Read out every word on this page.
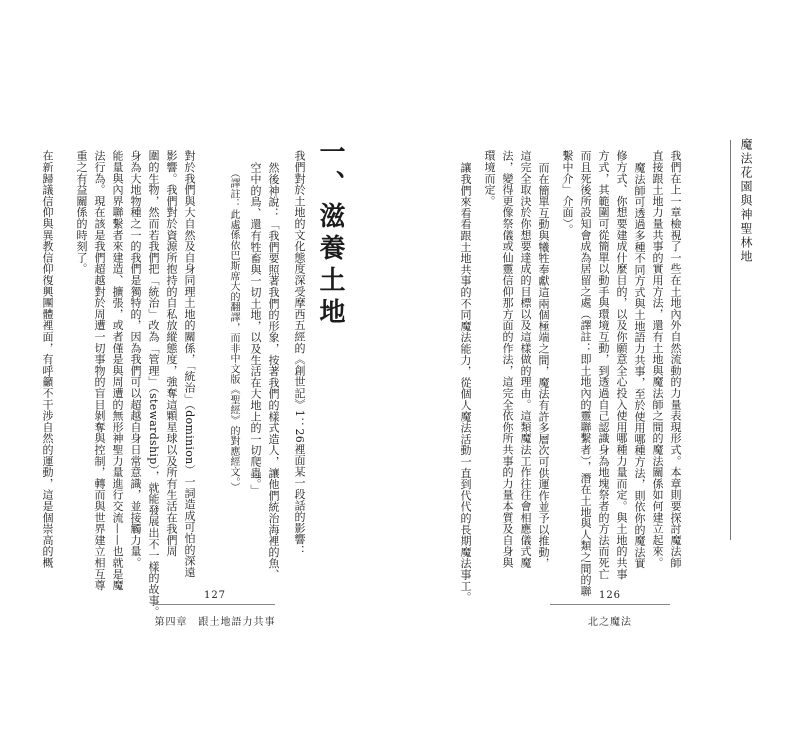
我們對於土地的文化態度深受摩西五經的《創世記》1：26裡面某一段話的影響：
然後神說：「我們要照著我們的形象，按著我們的樣式造人，讓他們統治海裡的魚、
空中的鳥、還有牲畜與一切土地，以及生活在大地上的一切爬蟲。」
（譯註：此處係依巴斯席大的翻譯，而非中文版《聖經》的對應經文。）
對於我們與大自然及自身同理土地的關係，「統治」（dominion）一詞造成可怕的深遠
影響。我們對於資源所抱持的自私放縱態度，強奪這顆星球以及所有生活在我們周
圍的生物，然而若我們把「統治」改為「管理」（stewardship），就能發展出不一樣的故事。
身為大地物種之一的我們是獨特的，因為我們可以超越自身日常意識，並接觸力量。
能量與內界聯繫者來建造、擴張，或者僅是與周遭的無形神聖力量進行交流——也就是魔
法行為。現在該是我們超越對於周遭一切事物的盲目剝奪與控制，轉而與世界建立相互尊
重之有益關係的時刻了。
在新歸議信仰與異教信仰復興團體裡面，有呼籲不干涉自然的運動，這是個崇高的概	一、滋養土地
127
第四章　跟土地語力共事
魔法花園與神聖林地
我們在上一章檢視了一些在土地內外自然流動的力量表現形式。本章則要探討魔法師
直接跟土地力量共事的實用方法，還有土地與魔法師之間的魔法關係如何建立起來。
魔法師可透過多種不同方式與土地語力共事，至於使用哪種方法，則依你的魔法實
修方式、你想要建成什麼目的，以及你願意全心投入使用哪種力量而定。與土地的共事
方式，其範圍可從簡單以動手與環境互動，到透過自己認識身為地塊祭者的方法而死亡
而且死後所設知會成為居留之處（譯註：即土地內的靈聯繫者），潛在土地與人類之間的聯
繫中介」介面）。
而在簡單互動與犧牲奉獻這兩個極端之間，魔法有許多層次可供運作並予以推動，
這完全取決於你想要達成的目標以及這樣做的理由。這類魔法工作往往會相應儀式魔
法，變得更像祭儀或仙靈信仰那方面的作法，這完全依你所共事的力量本質及自身與
環境而定。
讓我們來看看跟土地共事的不同魔法能力，從個人魔法活動一直到代代的長期魔法事工。	126
北之魔法
